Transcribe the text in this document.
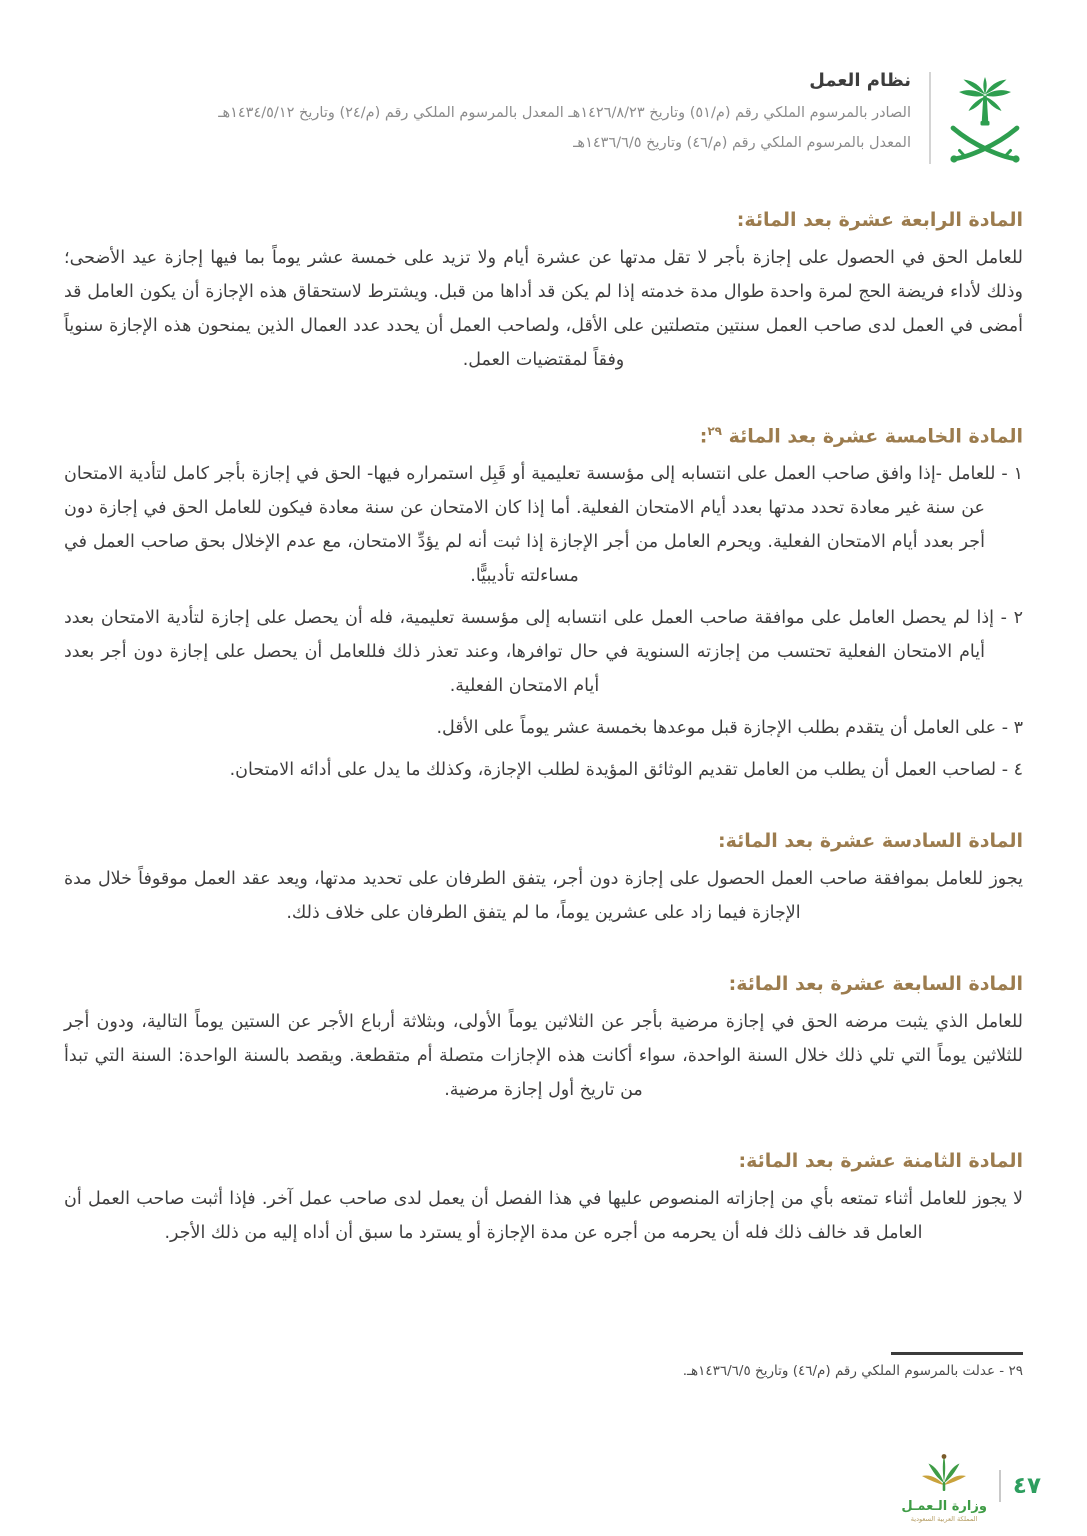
نظام العمل
الصادر بالمرسوم الملكي رقم (م/٥١) وتاريخ ١٤٢٦/٨/٢٣هـ المعدل بالمرسوم الملكي رقم (م/٢٤) وتاريخ ١٤٣٤/٥/١٢هـ
المعدل بالمرسوم الملكي رقم (م/٤٦) وتاريخ ١٤٣٦/٦/٥هـ
المادة الرابعة عشرة بعد المائة:

للعامل الحق في الحصول على إجازة بأجر لا تقل مدتها عن عشرة أيام ولا تزيد على خمسة عشر يوماً بما فيها إجازة عيد الأضحى؛ وذلك لأداء فريضة الحج لمرة واحدة طوال مدة خدمته إذا لم يكن قد أداها من قبل. ويشترط لاستحقاق هذه الإجازة أن يكون العامل قد أمضى في العمل لدى صاحب العمل سنتين متصلتين على الأقل، ولصاحب العمل أن يحدد عدد العمال الذين يمنحون هذه الإجازة سنوياً وفقاً لمقتضيات العمل.

المادة الخامسة عشرة بعد المائة $^{٢٩}$:
١ - للعامل -إذا وافق صاحب العمل على انتسابه إلى مؤسسة تعليمية أو قَبِل استمراره فيها- الحق في إجازة بأجر كامل لتأدية الامتحان عن سنة غير معادة تحدد مدتها بعدد أيام الامتحان الفعلية. أما إذا كان الامتحان عن سنة معادة فيكون للعامل الحق في إجازة دون أجر بعدد أيام الامتحان الفعلية. ويحرم العامل من أجر الإجازة إذا ثبت أنه لم يؤدِّ الامتحان، مع عدم الإخلال بحق صاحب العمل في مساءلته تأديبيًّا.
٢ - إذا لم يحصل العامل على موافقة صاحب العمل على انتسابه إلى مؤسسة تعليمية، فله أن يحصل على إجازة لتأدية الامتحان بعدد أيام الامتحان الفعلية تحتسب من إجازته السنوية في حال توافرها، وعند تعذر ذلك فللعامل أن يحصل على إجازة دون أجر بعدد أيام الامتحان الفعلية.
٣ - على العامل أن يتقدم بطلب الإجازة قبل موعدها بخمسة عشر يوماً على الأقل.
٤ - لصاحب العمل أن يطلب من العامل تقديم الوثائق المؤيدة لطلب الإجازة، وكذلك ما يدل على أدائه الامتحان.
المادة السادسة عشرة بعد المائة:

يجوز للعامل بموافقة صاحب العمل الحصول على إجازة دون أجر، يتفق الطرفان على تحديد مدتها، ويعد عقد العمل موقوفاً خلال مدة الإجازة فيما زاد على عشرين يوماً، ما لم يتفق الطرفان على خلاف ذلك.

المادة السابعة عشرة بعد المائة:

للعامل الذي يثبت مرضه الحق في إجازة مرضية بأجر عن الثلاثين يوماً الأولى، وبثلاثة أرباع الأجر عن الستين يوماً التالية، ودون أجر للثلاثين يوماً التي تلي ذلك خلال السنة الواحدة، سواء أكانت هذه الإجازات متصلة أم متقطعة. ويقصد بالسنة الواحدة: السنة التي تبدأ من تاريخ أول إجازة مرضية.

المادة الثامنة عشرة بعد المائة:

لا يجوز للعامل أثناء تمتعه بأي من إجازاته المنصوص عليها في هذا الفصل أن يعمل لدى صاحب عمل آخر. فإذا أثبت صاحب العمل أن العامل قد خالف ذلك فله أن يحرمه من أجره عن مدة الإجازة أو يسترد ما سبق أن أداه إليه من ذلك الأجر.

٢٩ - عدلت بالمرسوم الملكي رقم (م/٤٦) وتاريخ ١٤٣٦/٦/٥هـ.
وزارة الـعمـل
المملكة العربية السعودية
٤٧
